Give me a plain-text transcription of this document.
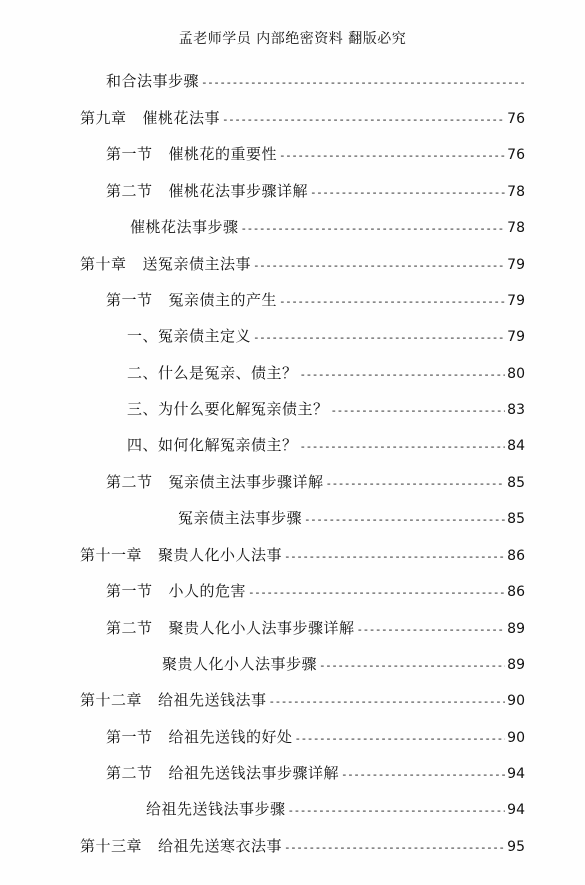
孟老师学员 内部绝密资料 翻版必究
和合法事步骤
-----
第九章 催桃花法事 -----	76
第一节 催桃花的重要性 -----	76
第二节 催桃花法事步骤详解 -----	78
催桃花法事步骤 -----	78
第十章 送冤亲债主法事 -----	79
第一节 冤亲债主的产生 -----	79
一、冤亲债主定义 -----	79
二、什么是冤亲、债主？ -----	80
三、为什么要化解冤亲债主？ -----	83
四、如何化解冤亲债主？ -----	84
第二节 冤亲债主法事步骤详解 -----	85
冤亲债主法事步骤 -----	85
第十一章 聚贵人化小人法事 -----	86
第一节 小人的危害 -----	86
第二节 聚贵人化小人法事步骤详解 -----	89
聚贵人化小人法事步骤 -----	89
第十二章 给祖先送钱法事 -----	90
第一节 给祖先送钱的好处 -----	90
第二节 给祖先送钱法事步骤详解 -----	94
给祖先送钱法事步骤 -----	94
第十三章 给祖先送寒衣法事 -----	95
